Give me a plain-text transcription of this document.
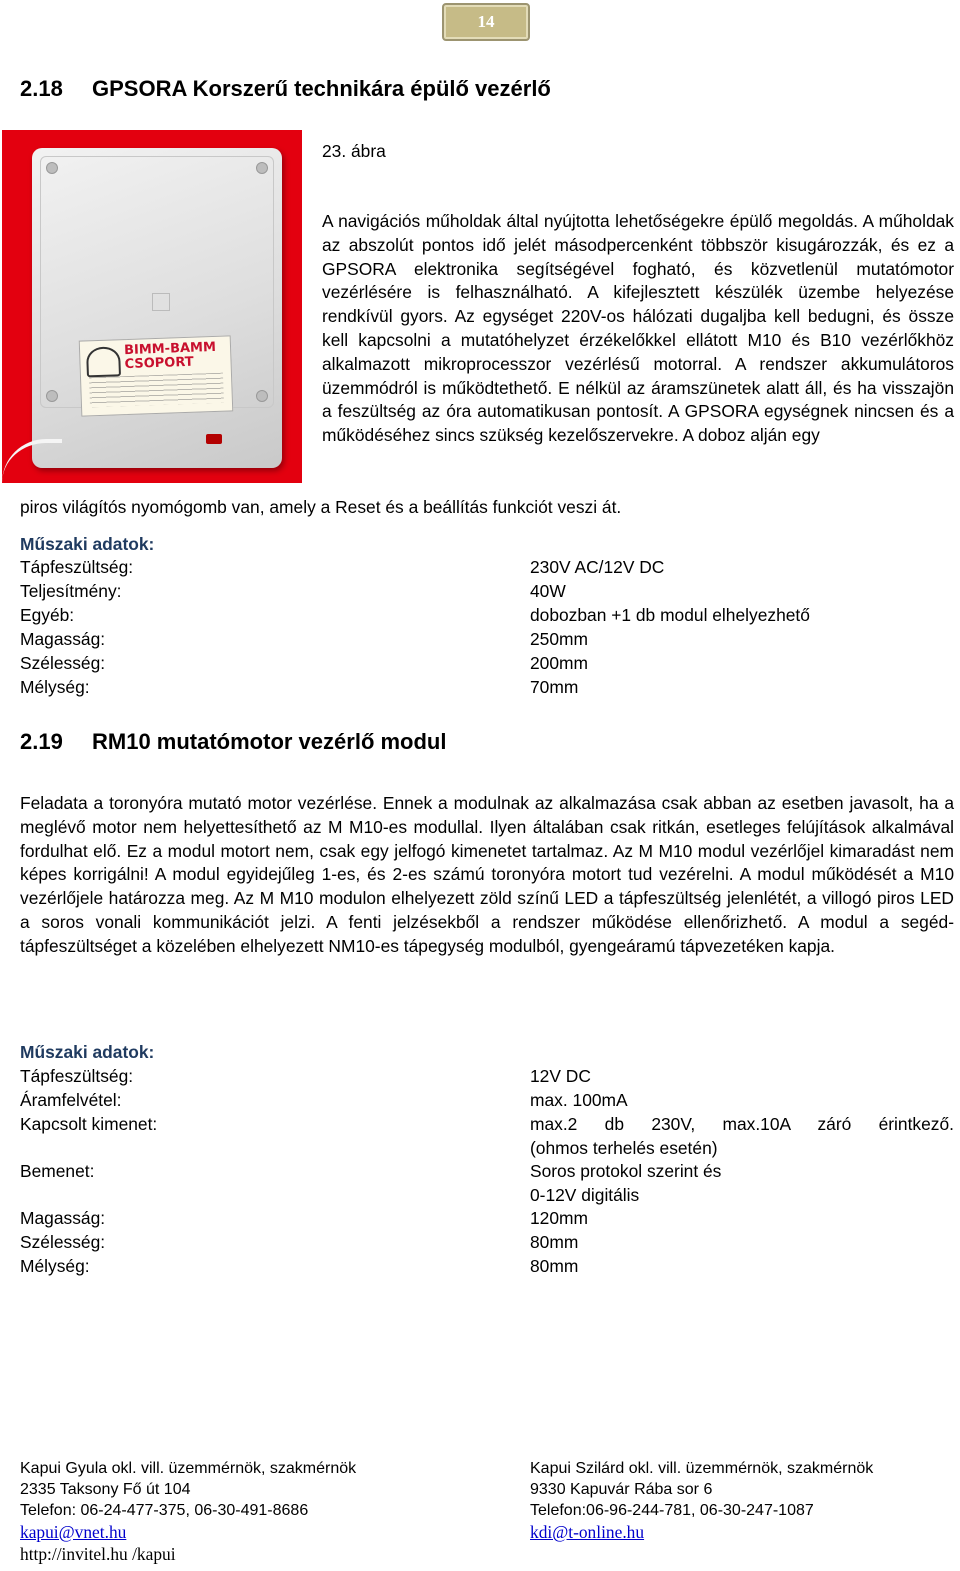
14
2.18 GPSORA Korszerű technikára épülő vezérlő
BIMM-BAMM
CSOPORT
23. ábra
A navigációs műholdak által nyújtotta lehetőségekre épülő megoldás. A műholdak az abszolút pontos idő jelét másodpercenként többször kisugározzák, és ez a GPSORA elektronika segítségével fogható, és közvetlenül mutatómotor vezérlésére is felhasználható. A kifejlesztett készülék üzembe helyezése rendkívül gyors. Az egységet 220V-os hálózati dugaljba kell bedugni, és össze kell kapcsolni a mutatóhelyzet érzékelőkkel ellátott M10 és B10 vezérlőkhöz alkalmazott mikroprocesszor vezérlésű motorral. A rendszer akkumulátoros üzemmódról is működtethető. E nélkül az áramszünetek alatt áll, és ha visszajön a feszültség az óra automatikusan pontosít. A GPSORA egységnek nincsen és a működéséhez sincs szükség kezelőszervekre. A doboz alján egy
piros világítós nyomógomb van, amely a Reset és a beállítás funkciót veszi át.
Műszaki adatok:
Tápfeszültség:	230V AC/12V DC
Teljesítmény:	40W
Egyéb:	dobozban +1 db modul elhelyezhető
Magasság:	250mm
Szélesség:	200mm
Mélység:	70mm
2.19 RM10 mutatómotor vezérlő modul
Feladata a toronyóra mutató motor vezérlése. Ennek a modulnak az alkalmazása csak abban az esetben javasolt, ha a meglévő motor nem helyettesíthető az M M10-es modullal. Ilyen általában csak ritkán, esetleges felújítások alkalmával fordulhat elő. Ez a modul motort nem, csak egy jelfogó kimenetet tartalmaz. Az M M10 modul vezérlőjel kimaradást nem képes korrigálni! A modul egyidejűleg 1-es, és 2-es számú toronyóra motort tud vezérelni. A modul működését a M10 vezérlőjele határozza meg. Az M M10 modulon elhelyezett zöld színű LED a tápfeszültség jelenlétét, a villogó piros LED a soros vonali kommunikációt jelzi. A fenti jelzésekből a rendszer működése ellenőrizhető. A modul a segéd-tápfeszültséget a közelében elhelyezett NM10-es tápegység modulból, gyengeáramú tápvezetéken kapja.
Műszaki adatok:
Tápfeszültség:	12V DC
Áramfelvétel:	max. 100mA
Kapcsolt kimenet:	max.2 db 230V, max.10A záró érintkező.
(ohmos terhelés esetén)
Bemenet:	Soros protokol szerint és
0-12V digitális
Magasság:	120mm
Szélesség:	80mm
Mélység:	80mm
Kapui Gyula okl. vill. üzemmérnök, szakmérnök
2335 Taksony Fő út 104
Telefon: 06-24-477-375, 06-30-491-8686
kapui@vnet.hu
http://invitel.hu /kapui
Kapui Szilárd okl. vill. üzemmérnök, szakmérnök
9330 Kapuvár Rába sor 6
Telefon:06-96-244-781, 06-30-247-1087
kdi@t-online.hu
